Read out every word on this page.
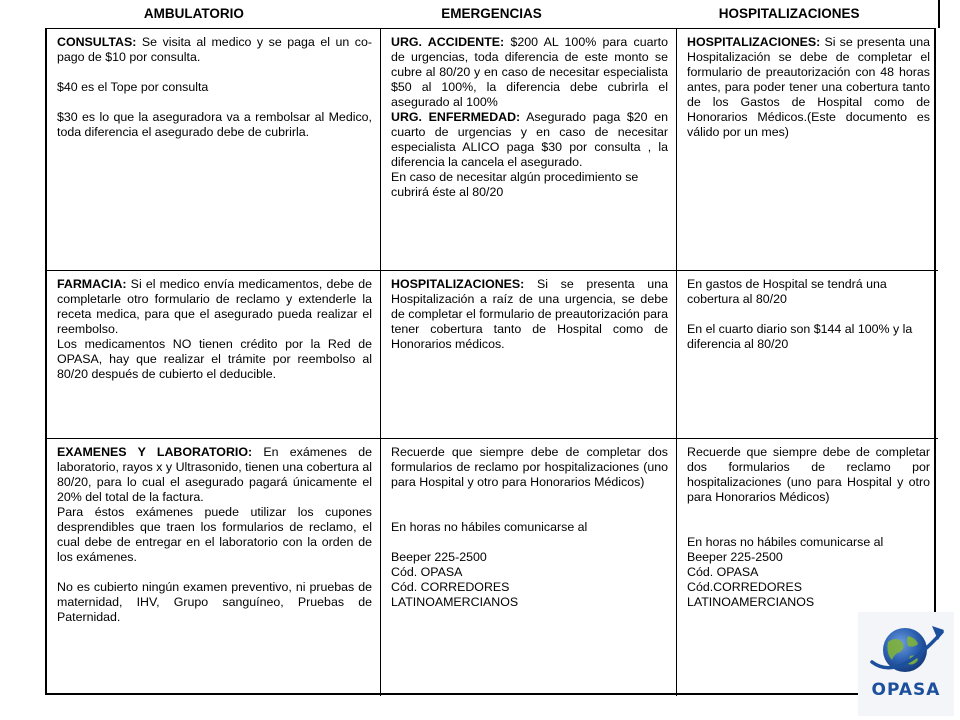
AMBULATORIO	EMERGENCIAS	HOSPITALIZACIONES

CONSULTAS: Se visita al medico y se paga el un co- pago de $10 por consulta.

$40 es el Tope por consulta

$30 es lo que la aseguradora va a rembolsar al Medico, toda diferencia el asegurado debe de cubrirla.

URG. ACCIDENTE: $200 AL 100% para cuarto de urgencias, toda diferencia de este monto se cubre al 80/20 y en caso de necesitar especialista $50 al 100%, la diferencia debe cubrirla el asegurado al 100%

URG. ENFERMEDAD: Asegurado paga $20 en cuarto de urgencias y en caso de necesitar especialista ALICO paga $30 por consulta , la diferencia la cancela el asegurado.

En caso de necesitar algún procedimiento se cubrirá éste al 80/20

HOSPITALIZACIONES: Si se presenta una Hospitalización se debe de completar el formulario de preautorización con 48 horas antes, para poder tener una cobertura tanto de los Gastos de Hospital como de Honorarios Médicos.(Este documento es válido por un mes)

FARMACIA: Si el medico envía medicamentos, debe de completarle otro formulario de reclamo y extenderle la receta medica, para que el asegurado pueda realizar el reembolso.

Los medicamentos NO tienen crédito por la Red de OPASA, hay que realizar el trámite por reembolso al 80/20 después de cubierto el deducible.

HOSPITALIZACIONES: Si se presenta una Hospitalización a raíz de una urgencia, se debe de completar el formulario de preautorización para tener cobertura tanto de Hospital como de Honorarios médicos.

En gastos de Hospital se tendrá una cobertura al 80/20

En el cuarto diario son $144 al 100% y la diferencia al 80/20

EXAMENES Y LABORATORIO: En exámenes de laboratorio, rayos x y Ultrasonido, tienen una cobertura al 80/20, para lo cual el asegurado pagará únicamente el 20% del total de la factura.

Para éstos exámenes puede utilizar los cupones desprendibles que traen los formularios de reclamo, el cual debe de entregar en el laboratorio con la orden de los exámenes.

No es cubierto ningún examen preventivo, ni pruebas de maternidad, IHV, Grupo sanguíneo, Pruebas de Paternidad.

Recuerde que siempre debe de completar dos formularios de reclamo por hospitalizaciones (uno para Hospital y otro para Honorarios Médicos)

En horas no hábiles comunicarse al

Beeper 225-2500

Cód. OPASA

Cód. CORREDORES

LATINOAMERCIANOS

Recuerde que siempre debe de completar dos formularios de reclamo por hospitalizaciones (uno para Hospital y otro para Honorarios Médicos)

En horas no hábiles comunicarse al

Beeper 225-2500

Cód. OPASA

Cód.CORREDORES

LATINOAMERCIANOS

OPASA
